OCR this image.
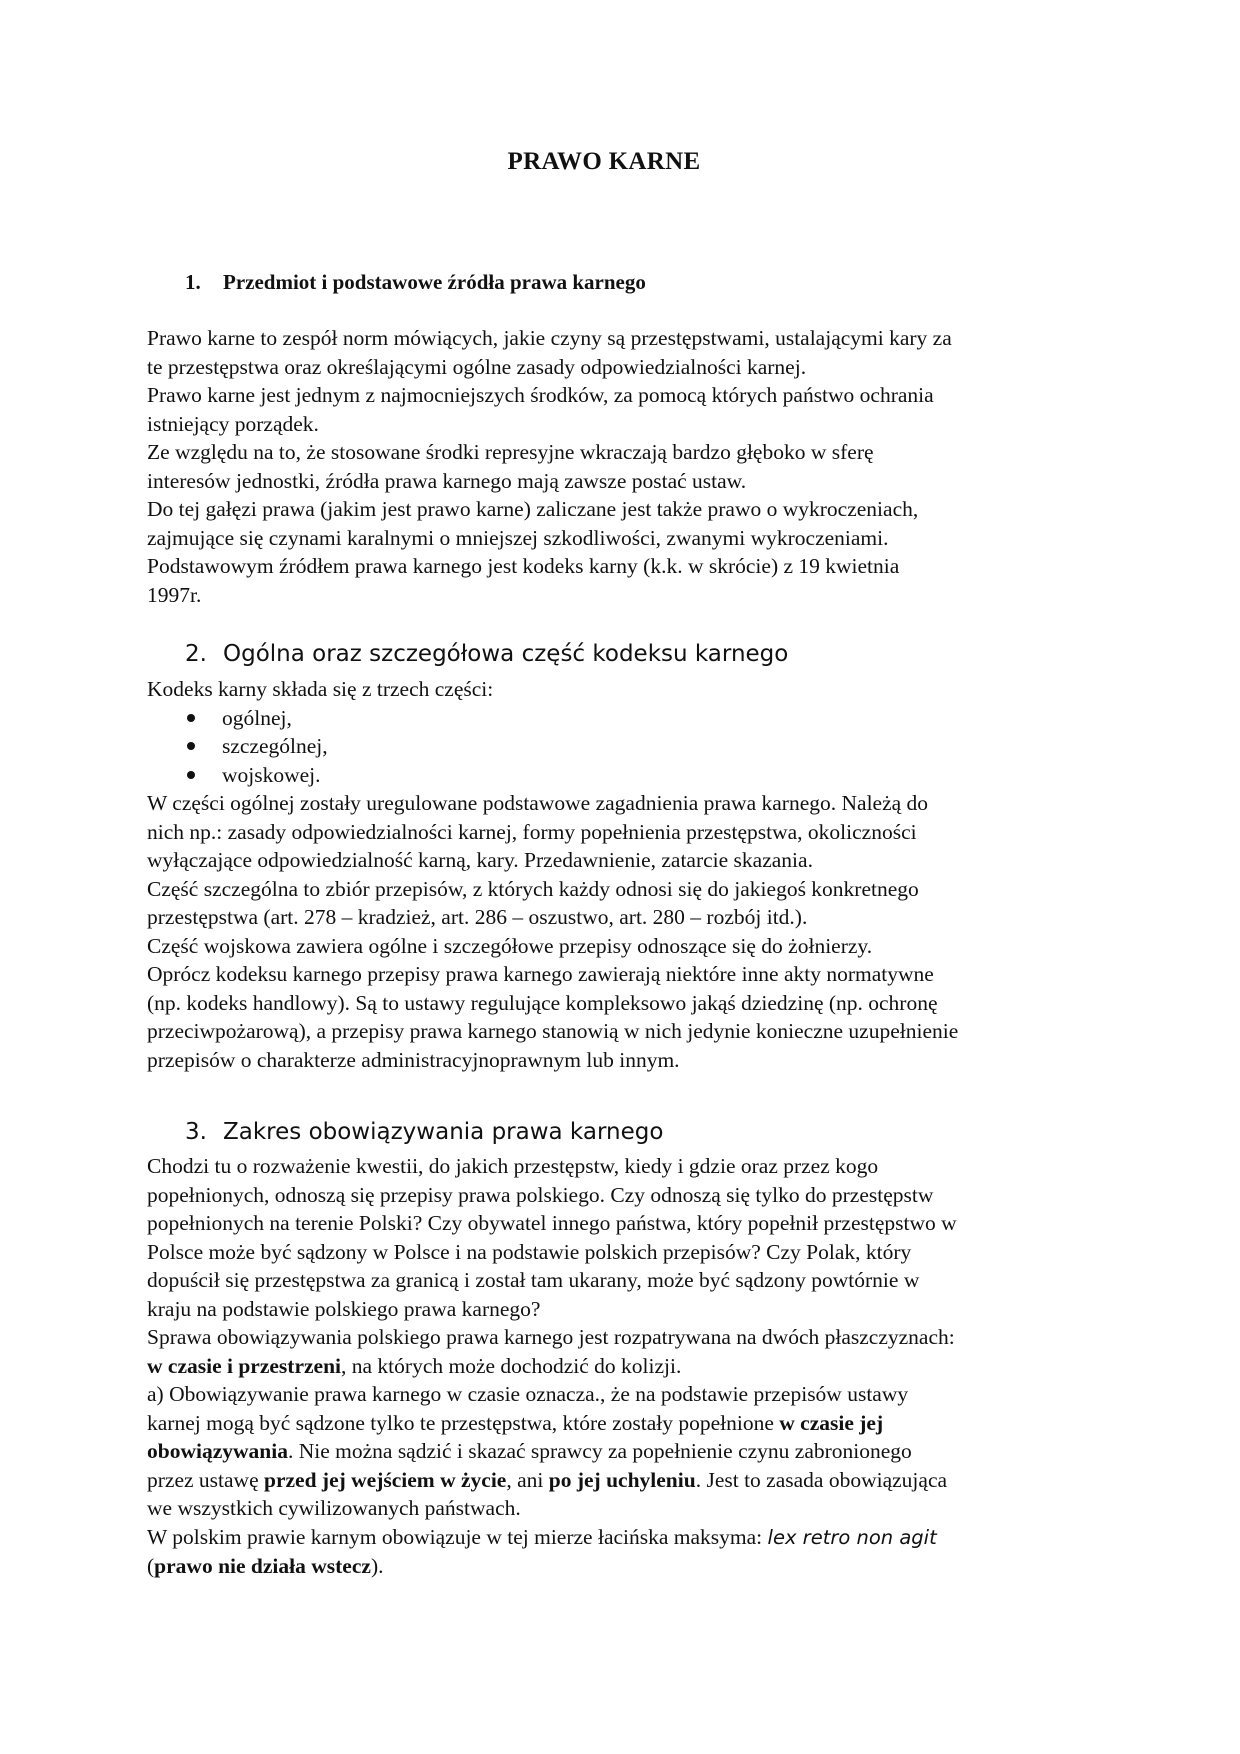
PRAWO KARNE
1. Przedmiot i podstawowe źródła prawa karnego

Prawo karne to zespół norm mówiących, jakie czyny są przestępstwami, ustalającymi kary za

te przestępstwa oraz określającymi ogólne zasady odpowiedzialności karnej.

Prawo karne jest jednym z najmocniejszych środków, za pomocą których państwo ochrania

istniejący porządek.

Ze względu na to, że stosowane środki represyjne wkraczają bardzo głęboko w sferę

interesów jednostki, źródła prawa karnego mają zawsze postać ustaw.

Do tej gałęzi prawa (jakim jest prawo karne) zaliczane jest także prawo o wykroczeniach,

zajmujące się czynami karalnymi o mniejszej szkodliwości, zwanymi wykroczeniami.

Podstawowym źródłem prawa karnego jest kodeks karny (k.k. w skrócie) z 19 kwietnia

1997r.

2. Ogólna oraz szczegółowa część kodeksu karnego

Kodeks karny składa się z trzech części:

ogólnej,
szczególnej,
wojskowej.

W części ogólnej zostały uregulowane podstawowe zagadnienia prawa karnego. Należą do

nich np.: zasady odpowiedzialności karnej, formy popełnienia przestępstwa, okoliczności

wyłączające odpowiedzialność karną, kary. Przedawnienie, zatarcie skazania.

Część szczególna to zbiór przepisów, z których każdy odnosi się do jakiegoś konkretnego

przestępstwa (art. 278 – kradzież, art. 286 – oszustwo, art. 280 – rozbój itd.).

Część wojskowa zawiera ogólne i szczegółowe przepisy odnoszące się do żołnierzy.

Oprócz kodeksu karnego przepisy prawa karnego zawierają niektóre inne akty normatywne

(np. kodeks handlowy). Są to ustawy regulujące kompleksowo jakąś dziedzinę (np. ochronę

przeciwpożarową), a przepisy prawa karnego stanowią w nich jedynie konieczne uzupełnienie

przepisów o charakterze administracyjnoprawnym lub innym.

3. Zakres obowiązywania prawa karnego

Chodzi tu o rozważenie kwestii, do jakich przestępstw, kiedy i gdzie oraz przez kogo

popełnionych, odnoszą się przepisy prawa polskiego. Czy odnoszą się tylko do przestępstw

popełnionych na terenie Polski? Czy obywatel innego państwa, który popełnił przestępstwo w

Polsce może być sądzony w Polsce i na podstawie polskich przepisów? Czy Polak, który

dopuścił się przestępstwa za granicą i został tam ukarany, może być sądzony powtórnie w

kraju na podstawie polskiego prawa karnego?

Sprawa obowiązywania polskiego prawa karnego jest rozpatrywana na dwóch płaszczyznach:

w czasie i przestrzeni, na których może dochodzić do kolizji.

a) Obowiązywanie prawa karnego w czasie oznacza., że na podstawie przepisów ustawy

karnej mogą być sądzone tylko te przestępstwa, które zostały popełnione w czasie jej

obowiązywania. Nie można sądzić i skazać sprawcy za popełnienie czynu zabronionego

przez ustawę przed jej wejściem w życie, ani po jej uchyleniu. Jest to zasada obowiązująca

we wszystkich cywilizowanych państwach.

W polskim prawie karnym obowiązuje w tej mierze łacińska maksyma: lex retro non agit

(prawo nie działa wstecz).
